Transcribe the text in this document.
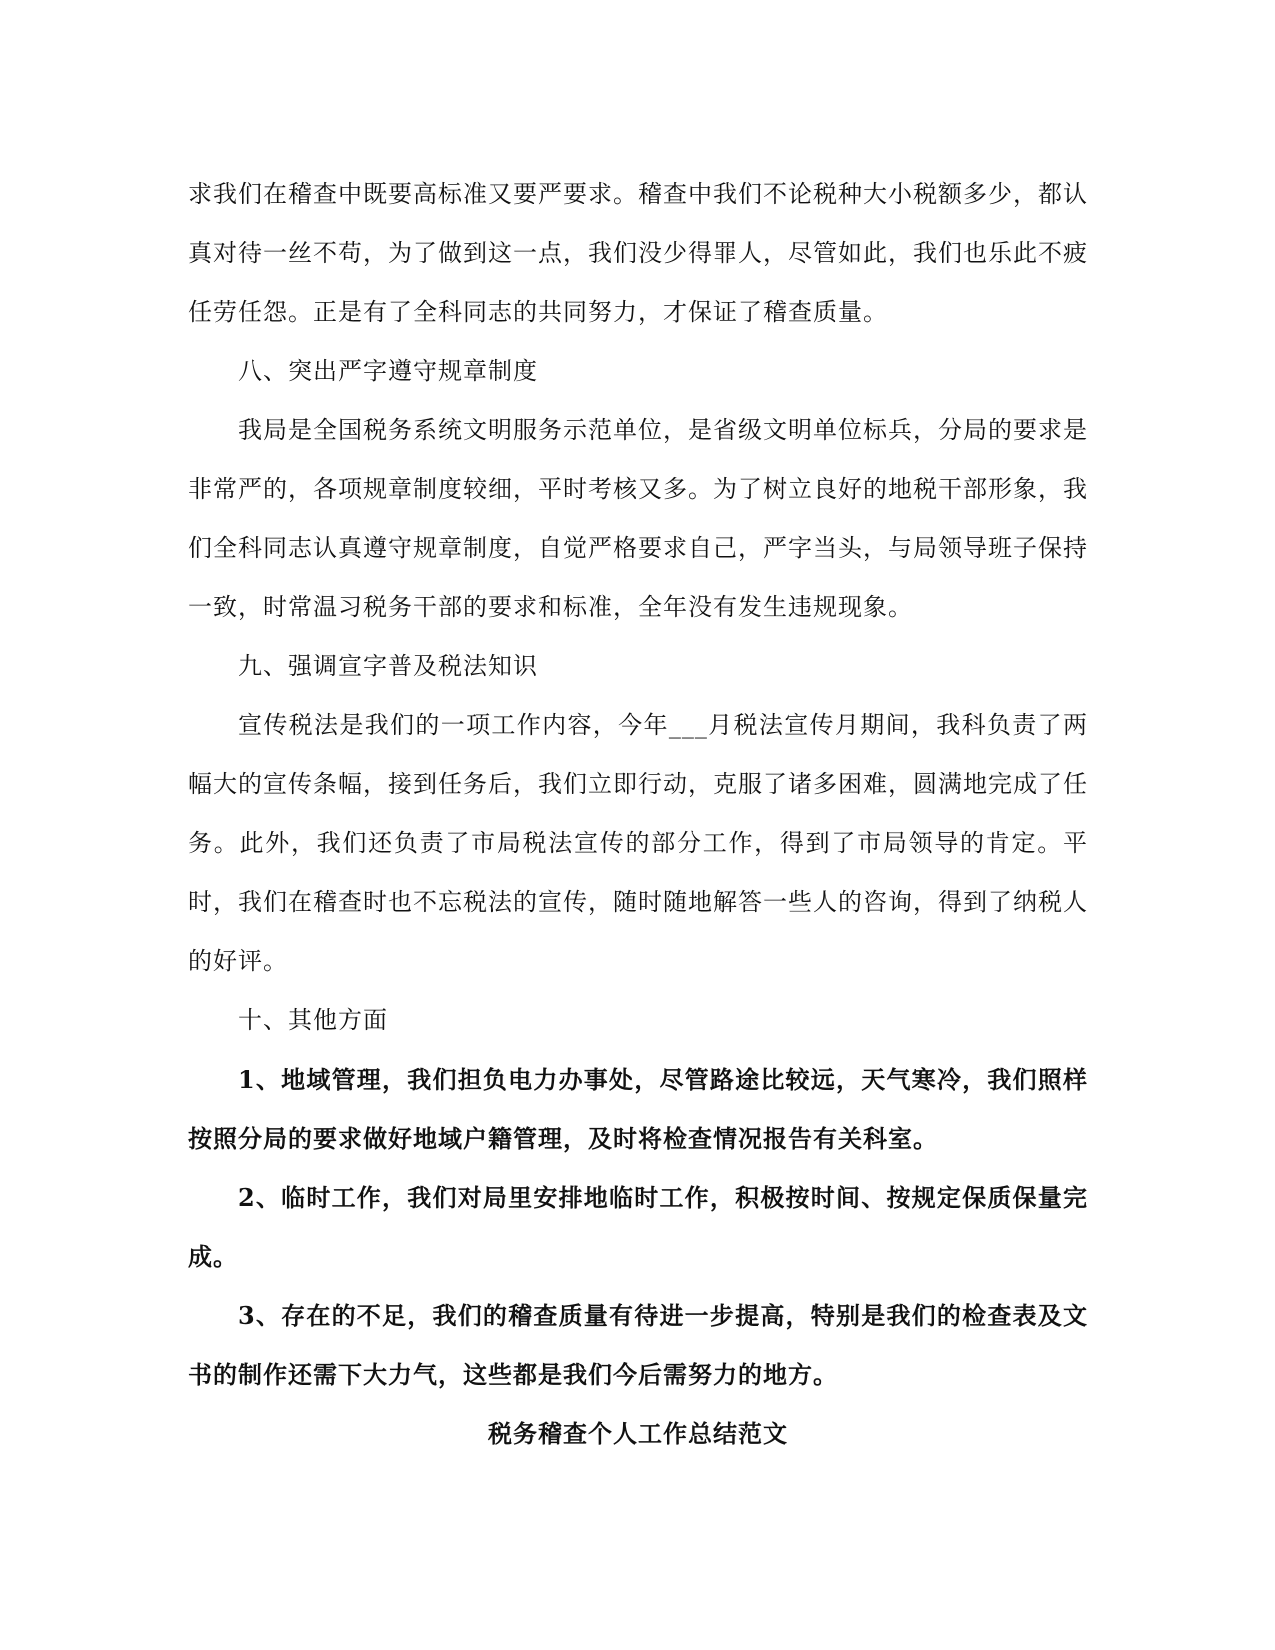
求我们在稽查中既要高标准又要严要求。稽查中我们不论税种大小税额多少，都认真对待一丝不苟，为了做到这一点，我们没少得罪人，尽管如此，我们也乐此不疲任劳任怨。正是有了全科同志的共同努力，才保证了稽查质量。

八、突出严字遵守规章制度

我局是全国税务系统文明服务示范单位，是省级文明单位标兵，分局的要求是非常严的，各项规章制度较细，平时考核又多。为了树立良好的地税干部形象，我们全科同志认真遵守规章制度，自觉严格要求自己，严字当头，与局领导班子保持一致，时常温习税务干部的要求和标准，全年没有发生违规现象。

九、强调宣字普及税法知识

宣传税法是我们的一项工作内容，今年___月税法宣传月期间，我科负责了两幅大的宣传条幅，接到任务后，我们立即行动，克服了诸多困难，圆满地完成了任务。此外，我们还负责了市局税法宣传的部分工作，得到了市局领导的肯定。平时，我们在稽查时也不忘税法的宣传，随时随地解答一些人的咨询，得到了纳税人的好评。

十、其他方面

1、地域管理，我们担负电力办事处，尽管路途比较远，天气寒冷，我们照样按照分局的要求做好地域户籍管理，及时将检查情况报告有关科室。

2、临时工作，我们对局里安排地临时工作，积极按时间、按规定保质保量完成。

3、存在的不足，我们的稽查质量有待进一步提高，特别是我们的检查表及文书的制作还需下大力气，这些都是我们今后需努力的地方。

税务稽查个人工作总结范文
